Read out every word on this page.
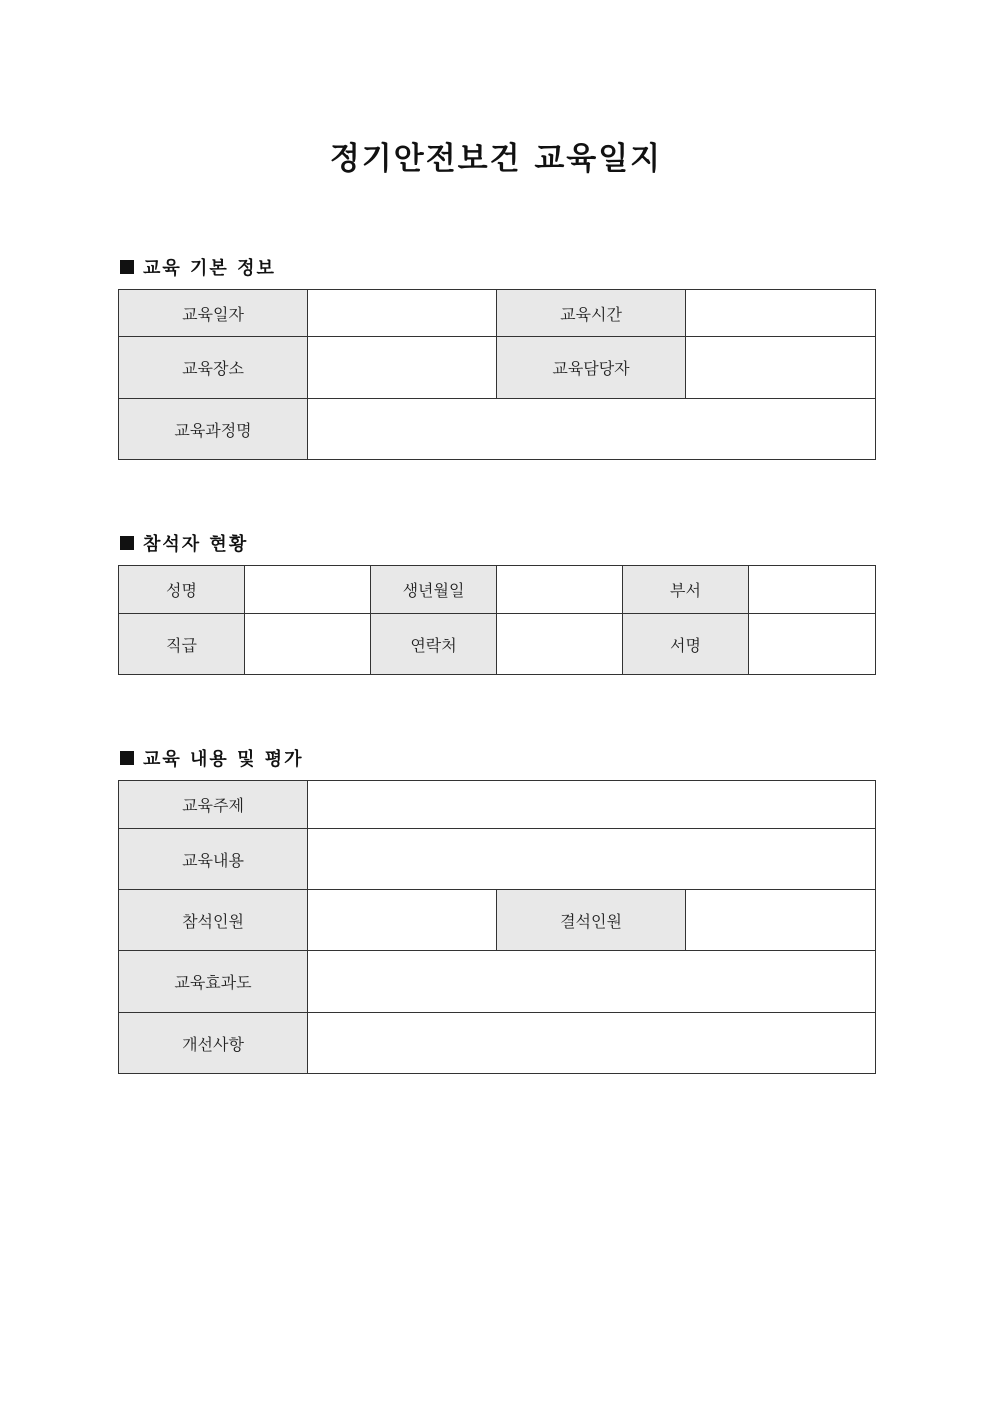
정기안전보건 교육일지
교육 기본 정보
교육일자		교육시간	
교육장소		교육담당자	
교육과정명			
참석자 현황
성명		생년월일		부서	
직급		연락처		서명	
교육 내용 및 평가
교육주제			
교육내용			
참석인원		결석인원	
교육효과도			
개선사항			
